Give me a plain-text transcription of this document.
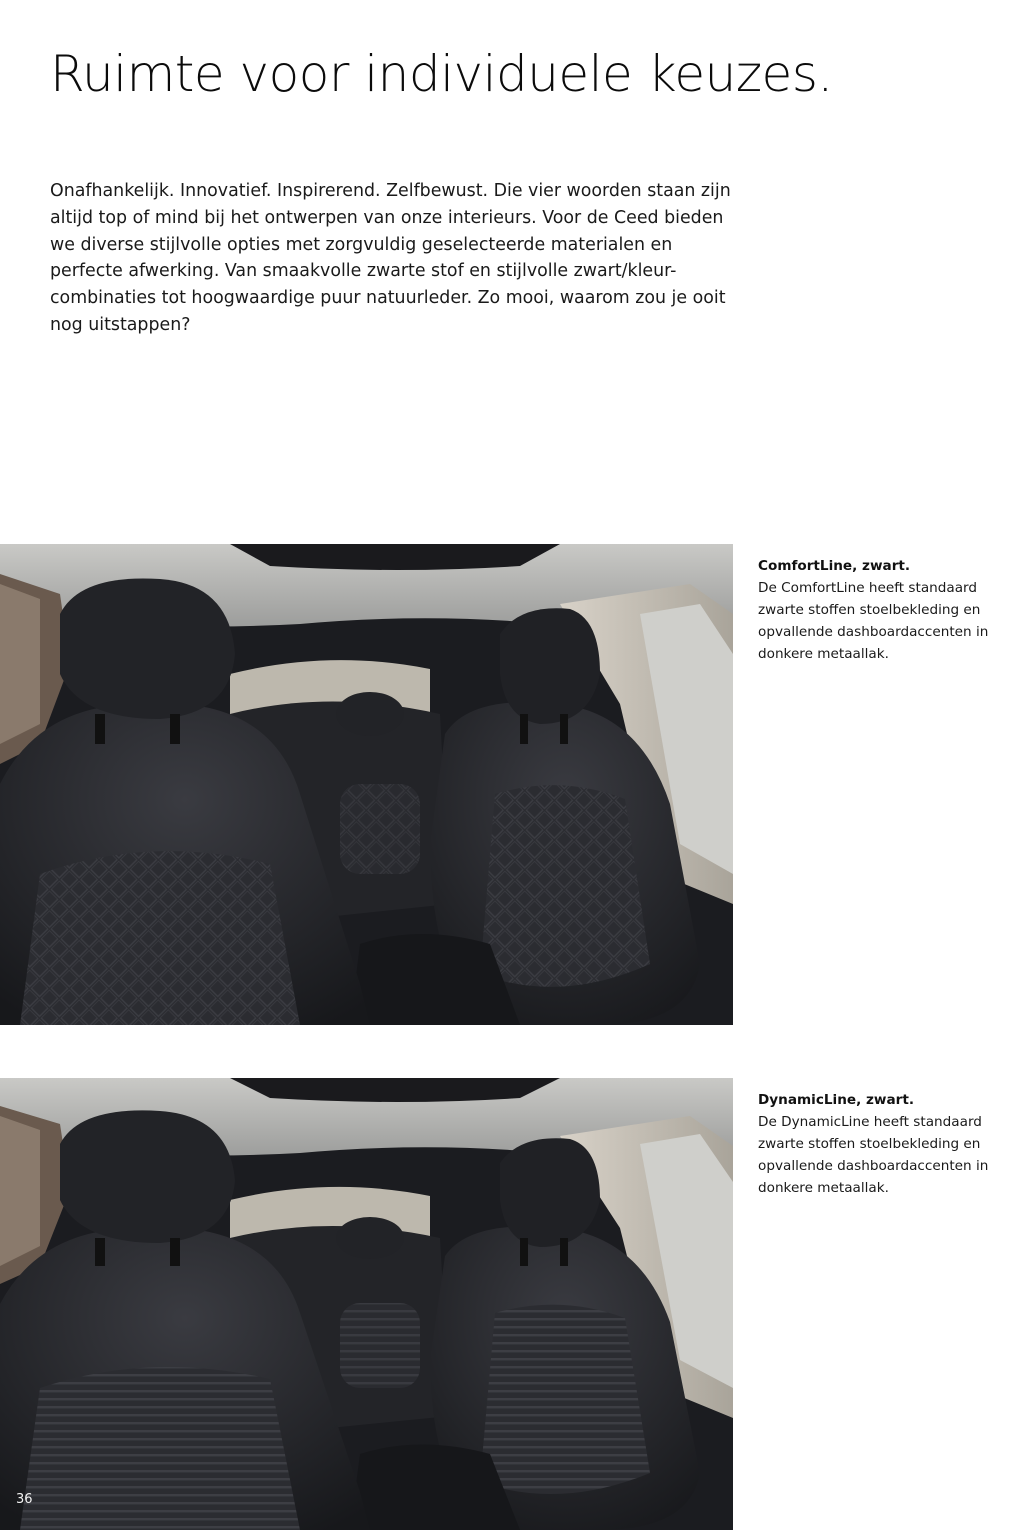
Ruimte voor individuele keuzes.

Onafhankelijk. Innovatief. Inspirerend. Zelfbewust. Die vier woorden staan zijn altijd top of mind bij het ontwerpen van onze interieurs. Voor de Ceed bieden we diverse stijlvolle opties met zorgvuldig geselecteerde materialen en perfecte afwerking. Van smaakvolle zwarte stof en stijlvolle zwart/kleur-combinaties tot hoogwaardige puur natuurleder. Zo mooi, waarom zou je ooit nog uitstappen?

ComfortLine, zwart.
De ComfortLine heeft standaard zwarte stoffen stoelbekleding en opvallende dashboardaccenten in donkere metaallak.
DynamicLine, zwart.
De DynamicLine heeft standaard zwarte stoffen stoelbekleding en opvallende dashboardaccenten in donkere metaallak.
36
